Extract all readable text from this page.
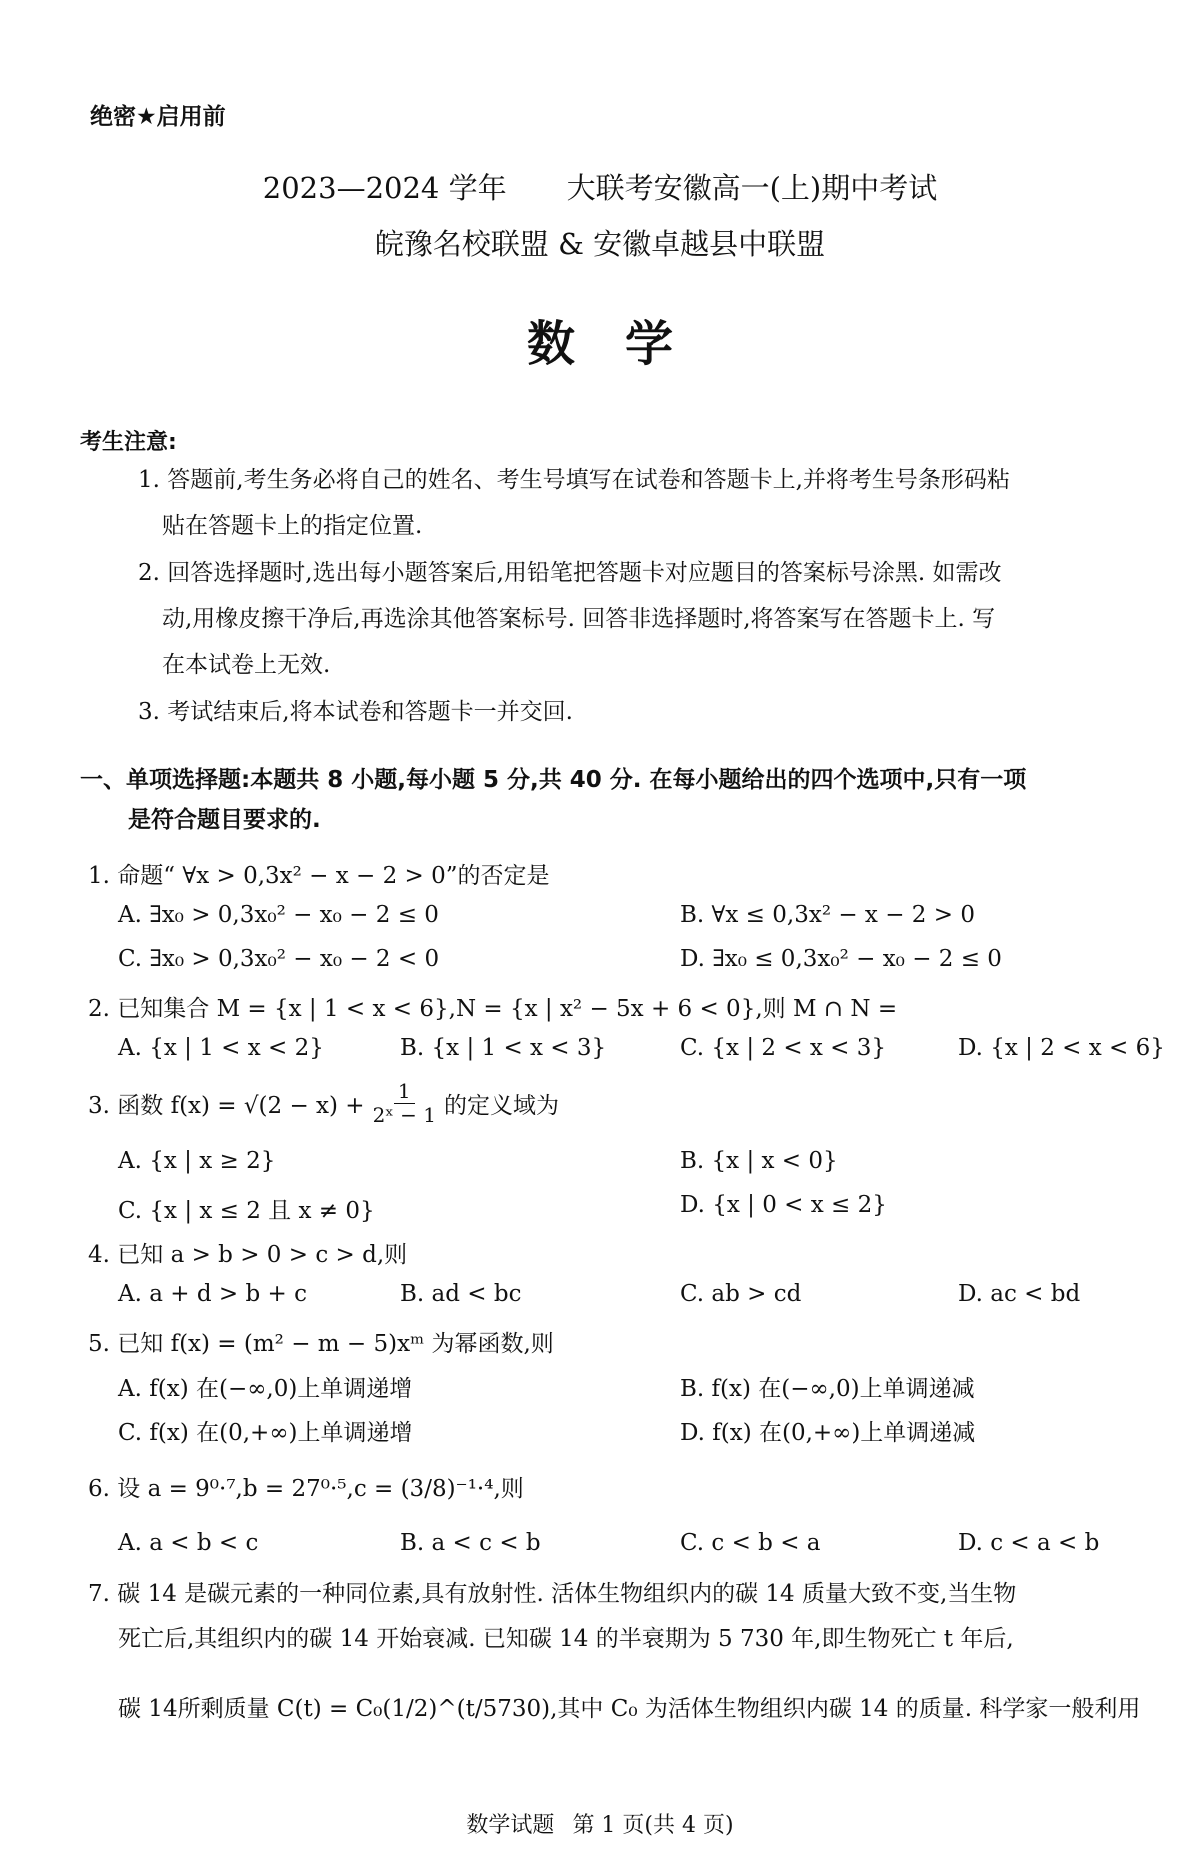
绝密★启用前
2023—2024 学年 大联考安徽高一(上)期中考试
皖豫名校联盟 & 安徽卓越县中联盟
数学
考生注意:
1. 答题前,考生务必将自己的姓名、考生号填写在试卷和答题卡上,并将考生号条形码粘
贴在答题卡上的指定位置.
2. 回答选择题时,选出每小题答案后,用铅笔把答题卡对应题目的答案标号涂黑. 如需改
动,用橡皮擦干净后,再选涂其他答案标号. 回答非选择题时,将答案写在答题卡上. 写
在本试卷上无效.
3. 考试结束后,将本试卷和答题卡一并交回.
一、单项选择题:本题共 8 小题,每小题 5 分,共 40 分. 在每小题给出的四个选项中,只有一项
是符合题目要求的.
1. 命题“ ∀x > 0,3x² − x − 2 > 0”的否定是
A. ∃x₀ > 0,3x₀² − x₀ − 2 ≤ 0	B. ∀x ≤ 0,3x² − x − 2 > 0
C. ∃x₀ > 0,3x₀² − x₀ − 2 < 0	D. ∃x₀ ≤ 0,3x₀² − x₀ − 2 ≤ 0
2. 已知集合 M = {x | 1 < x < 6},N = {x | x² − 5x + 6 < 0},则 M ∩ N =
A. {x | 1 < x < 2}	B. {x | 1 < x < 3}	C. {x | 2 < x < 3}	D. {x | 2 < x < 6}
3. 函数 $f(x) = √(2 - x) + \frac{1}{\text{2ˣ − 1}}$ 的定义域为
A. {x | x ≥ 2}	B. {x | x < 0}
C. {x | x ≤ 2 且 x ≠ 0}	D. {x | 0 < x ≤ 2}
4. 已知 a > b > 0 > c > d,则
A. a + d > b + c	B. ad < bc	C. ab > cd	D. ac < bd
5. 已知 f(x) = (m² − m − 5)xᵐ 为幂函数,则
A. f(x) 在(−∞,0)上单调递增	B. f(x) 在(−∞,0)上单调递减
C. f(x) 在(0,+∞)上单调递增	D. f(x) 在(0,+∞)上单调递减
6. 设 a = 9⁰·⁷,b = 27⁰·⁵,c = (3/8)⁻¹·⁴,则
A. a < b < c	B. a < c < b	C. c < b < a	D. c < a < b
7. 碳 14 是碳元素的一种同位素,具有放射性. 活体生物组织内的碳 14 质量大致不变,当生物
死亡后,其组织内的碳 14 开始衰减. 已知碳 14 的半衰期为 5 730 年,即生物死亡 t 年后,
碳 14所剩质量 C(t) = C₀(1/2)^(t/5730),其中 C₀ 为活体生物组织内碳 14 的质量. 科学家一般利用
数学试题 第 1 页(共 4 页)
